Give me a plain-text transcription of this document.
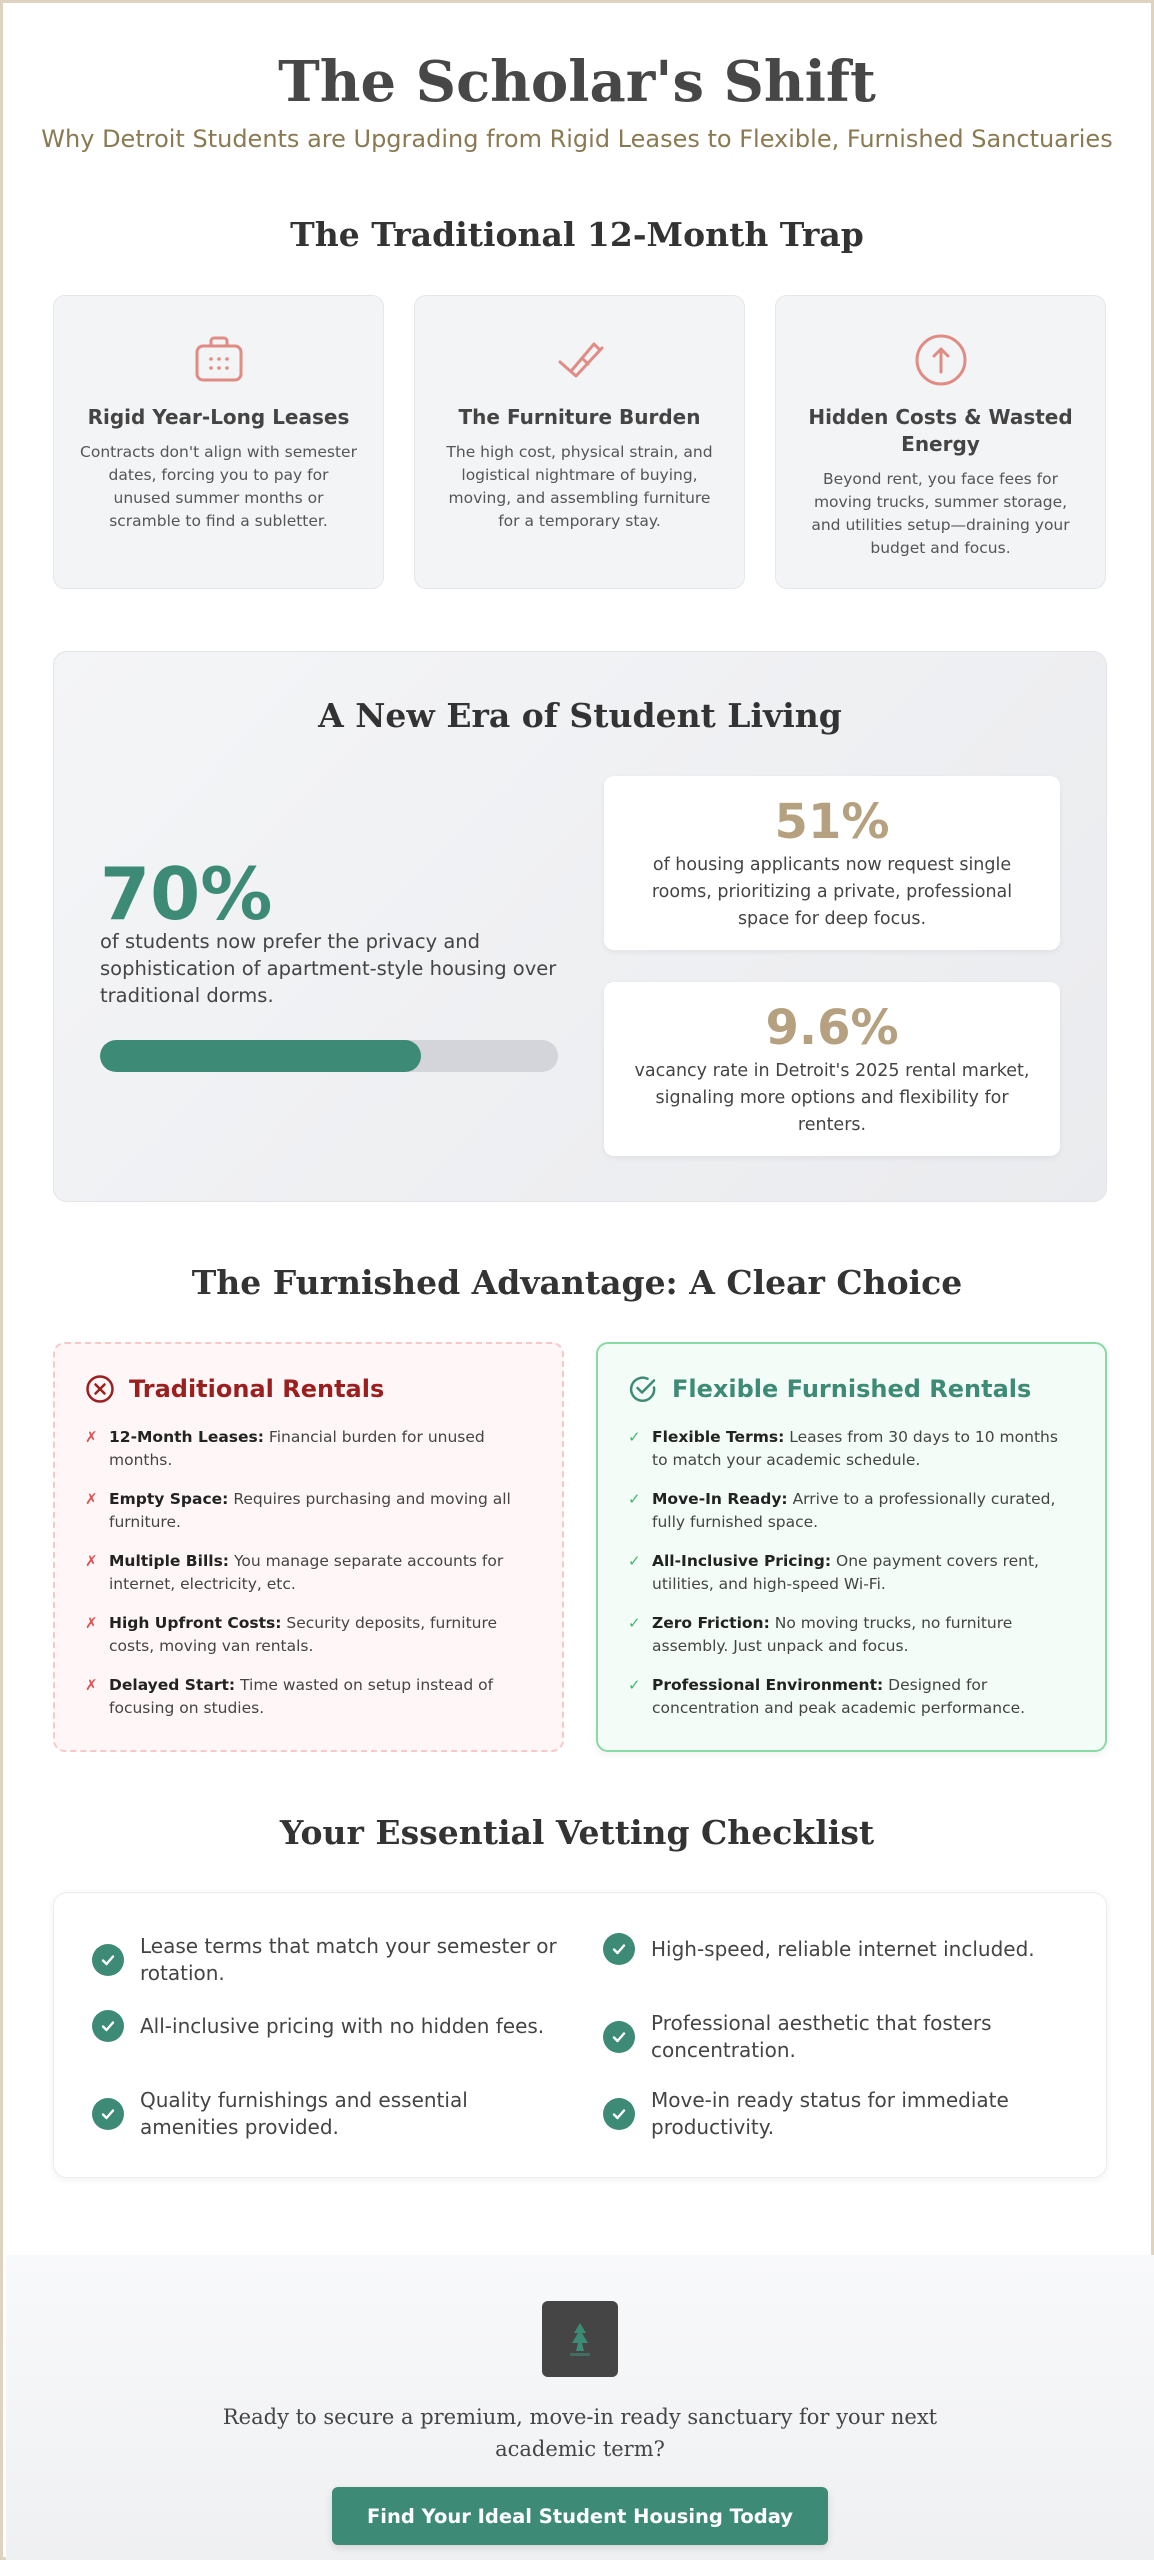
The Scholar's Shift

Why Detroit Students are Upgrading from Rigid Leases to Flexible, Furnished Sanctuaries

The Traditional 12-Month Trap
Rigid Year-Long Leases
Contracts don't align with semester dates, forcing you to pay for unused summer months or scramble to find a subletter.
The Furniture Burden
The high cost, physical strain, and logistical nightmare of buying, moving, and assembling furniture for a temporary stay.
Hidden Costs & Wasted Energy
Beyond rent, you face fees for moving trucks, summer storage, and utilities setup—draining your budget and focus.
A New Era of Student Living
70%
of students now prefer the privacy and sophistication of apartment-style housing over traditional dorms.
51%
of housing applicants now request single rooms, prioritizing a private, professional space for deep focus.
9.6%
vacancy rate in Detroit's 2025 rental market, signaling more options and flexibility for renters.
The Furnished Advantage: A Clear Choice
Traditional Rentals
✗ 12-Month Leases: Financial burden for unused months.
✗ Empty Space: Requires purchasing and moving all furniture.
✗ Multiple Bills: You manage separate accounts for internet, electricity, etc.
✗ High Upfront Costs: Security deposits, furniture costs, moving van rentals.
✗ Delayed Start: Time wasted on setup instead of focusing on studies.
Flexible Furnished Rentals
✓ Flexible Terms: Leases from 30 days to 10 months to match your academic schedule.
✓ Move-In Ready: Arrive to a professionally curated, fully furnished space.
✓ All-Inclusive Pricing: One payment covers rent, utilities, and high-speed Wi-Fi.
✓ Zero Friction: No moving trucks, no furniture assembly. Just unpack and focus.
✓ Professional Environment: Designed for concentration and peak academic performance.
Your Essential Vetting Checklist
Lease terms that match your semester or rotation.
High-speed, reliable internet included.
All-inclusive pricing with no hidden fees.	Professional aesthetic that fosters concentration.
Quality furnishings and essential amenities provided.
Move-in ready status for immediate productivity.

Ready to secure a premium, move-in ready sanctuary for your next academic term?

Find Your Ideal Student Housing Today
